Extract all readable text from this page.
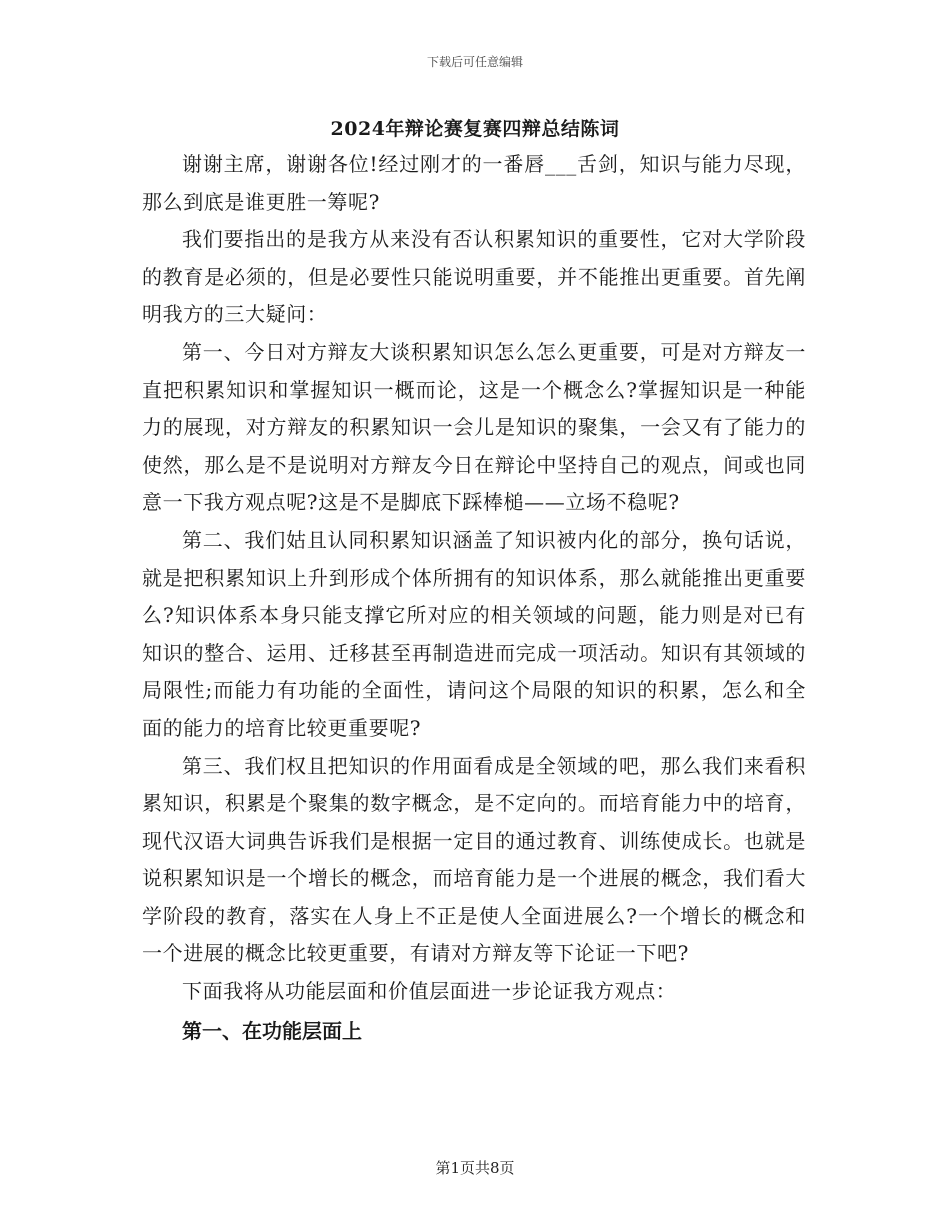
下载后可任意编辑
2024年辩论赛复赛四辩总结陈词

谢谢主席，谢谢各位!经过刚才的一番唇___舌剑，知识与能力尽现，那么到底是谁更胜一筹呢?

我们要指出的是我方从来没有否认积累知识的重要性，它对大学阶段的教育是必须的，但是必要性只能说明重要，并不能推出更重要。首先阐明我方的三大疑问：

第一、今日对方辩友大谈积累知识怎么怎么更重要，可是对方辩友一直把积累知识和掌握知识一概而论，这是一个概念么?掌握知识是一种能力的展现，对方辩友的积累知识一会儿是知识的聚集，一会又有了能力的使然，那么是不是说明对方辩友今日在辩论中坚持自己的观点，间或也同意一下我方观点呢?这是不是脚底下踩棒槌——立场不稳呢?

第二、我们姑且认同积累知识涵盖了知识被内化的部分，换句话说，就是把积累知识上升到形成个体所拥有的知识体系，那么就能推出更重要么?知识体系本身只能支撑它所对应的相关领域的问题，能力则是对已有知识的整合、运用、迁移甚至再制造进而完成一项活动。知识有其领域的局限性;而能力有功能的全面性，请问这个局限的知识的积累，怎么和全面的能力的培育比较更重要呢?

第三、我们权且把知识的作用面看成是全领域的吧，那么我们来看积累知识，积累是个聚集的数字概念，是不定向的。而培育能力中的培育，现代汉语大词典告诉我们是根据一定目的通过教育、训练使成长。也就是说积累知识是一个增长的概念，而培育能力是一个进展的概念，我们看大学阶段的教育，落实在人身上不正是使人全面进展么?一个增长的概念和一个进展的概念比较更重要，有请对方辩友等下论证一下吧?

下面我将从功能层面和价值层面进一步论证我方观点：

第一、在功能层面上

第1页共8页
